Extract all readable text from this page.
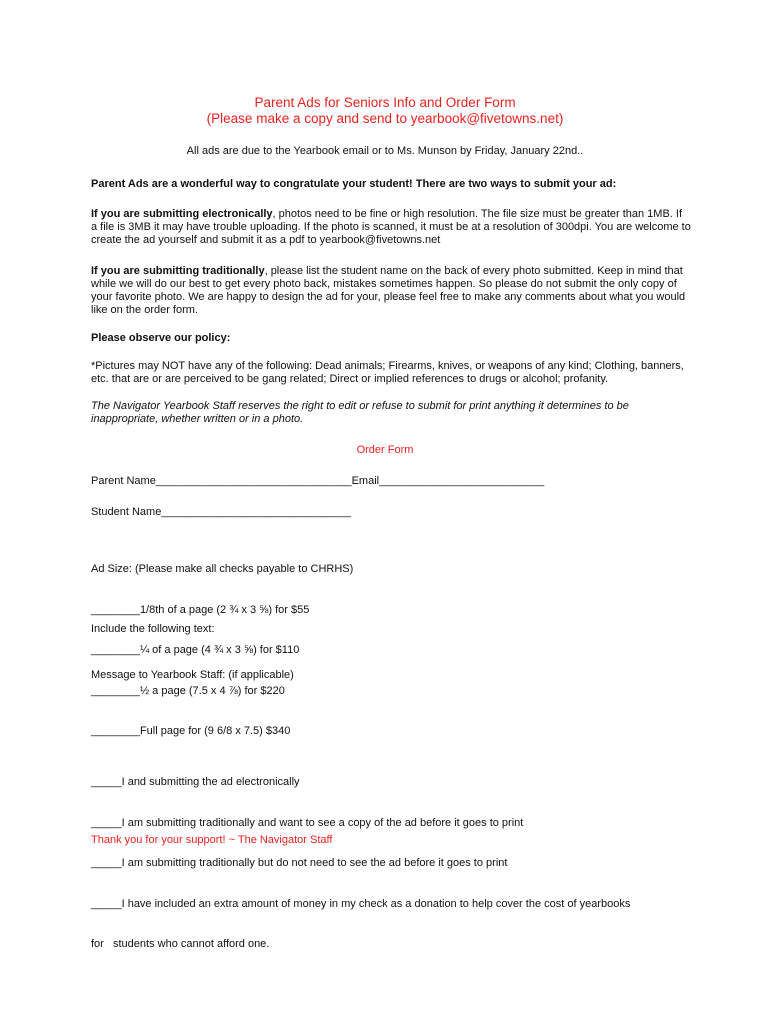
Parent Ads for Seniors Info and Order Form
(Please make a copy and send to yearbook@fivetowns.net)
All ads are due to the Yearbook email or to Ms. Munson by Friday, January 22nd..
Parent Ads are a wonderful way to congratulate your student! There are two ways to submit your ad:
If you are submitting electronically, photos need to be fine or high resolution. The file size must be greater than 1MB. If a file is 3MB it may have trouble uploading. If the photo is scanned, it must be at a resolution of 300dpi. You are welcome to create the ad yourself and submit it as a pdf to yearbook@fivetowns.net
If you are submitting traditionally, please list the student name on the back of every photo submitted. Keep in mind that while we will do our best to get every photo back, mistakes sometimes happen. So please do not submit the only copy of your favorite photo. We are happy to design the ad for your, please feel free to make any comments about what you would like on the order form.
Please observe our policy:
*Pictures may NOT have any of the following: Dead animals; Firearms, knives, or weapons of any kind; Clothing, banners, etc. that are or are perceived to be gang related; Direct or implied references to drugs or alcohol; profanity.
The Navigator Yearbook Staff reserves the right to edit or refuse to submit for print anything it determines to be inappropriate, whether written or in a photo.
Order Form
Parent Name________________________________Email___________________________
Student Name_______________________________

Ad Size: (Please make all checks payable to CHRHS)

________1/8th of a page (2 ¾ x 3 ⅝) for $55

________¼ of a page (4 ¾ x 3 ⅝) for $110

________½ a page (7.5 x 4 ⅞) for $220

________Full page for (9 6/8 x 7.5) $340

Include the following text:
Message to Yearbook Staff: (if applicable)

_____I and submitting the ad electronically

_____I am submitting traditionally and want to see a copy of the ad before it goes to print

_____I am submitting traditionally but do not need to see the ad before it goes to print

_____I have included an extra amount of money in my check as a donation to help cover the cost of yearbooks

for   students who cannot afford one.

Thank you for your support! ~ The Navigator Staff
